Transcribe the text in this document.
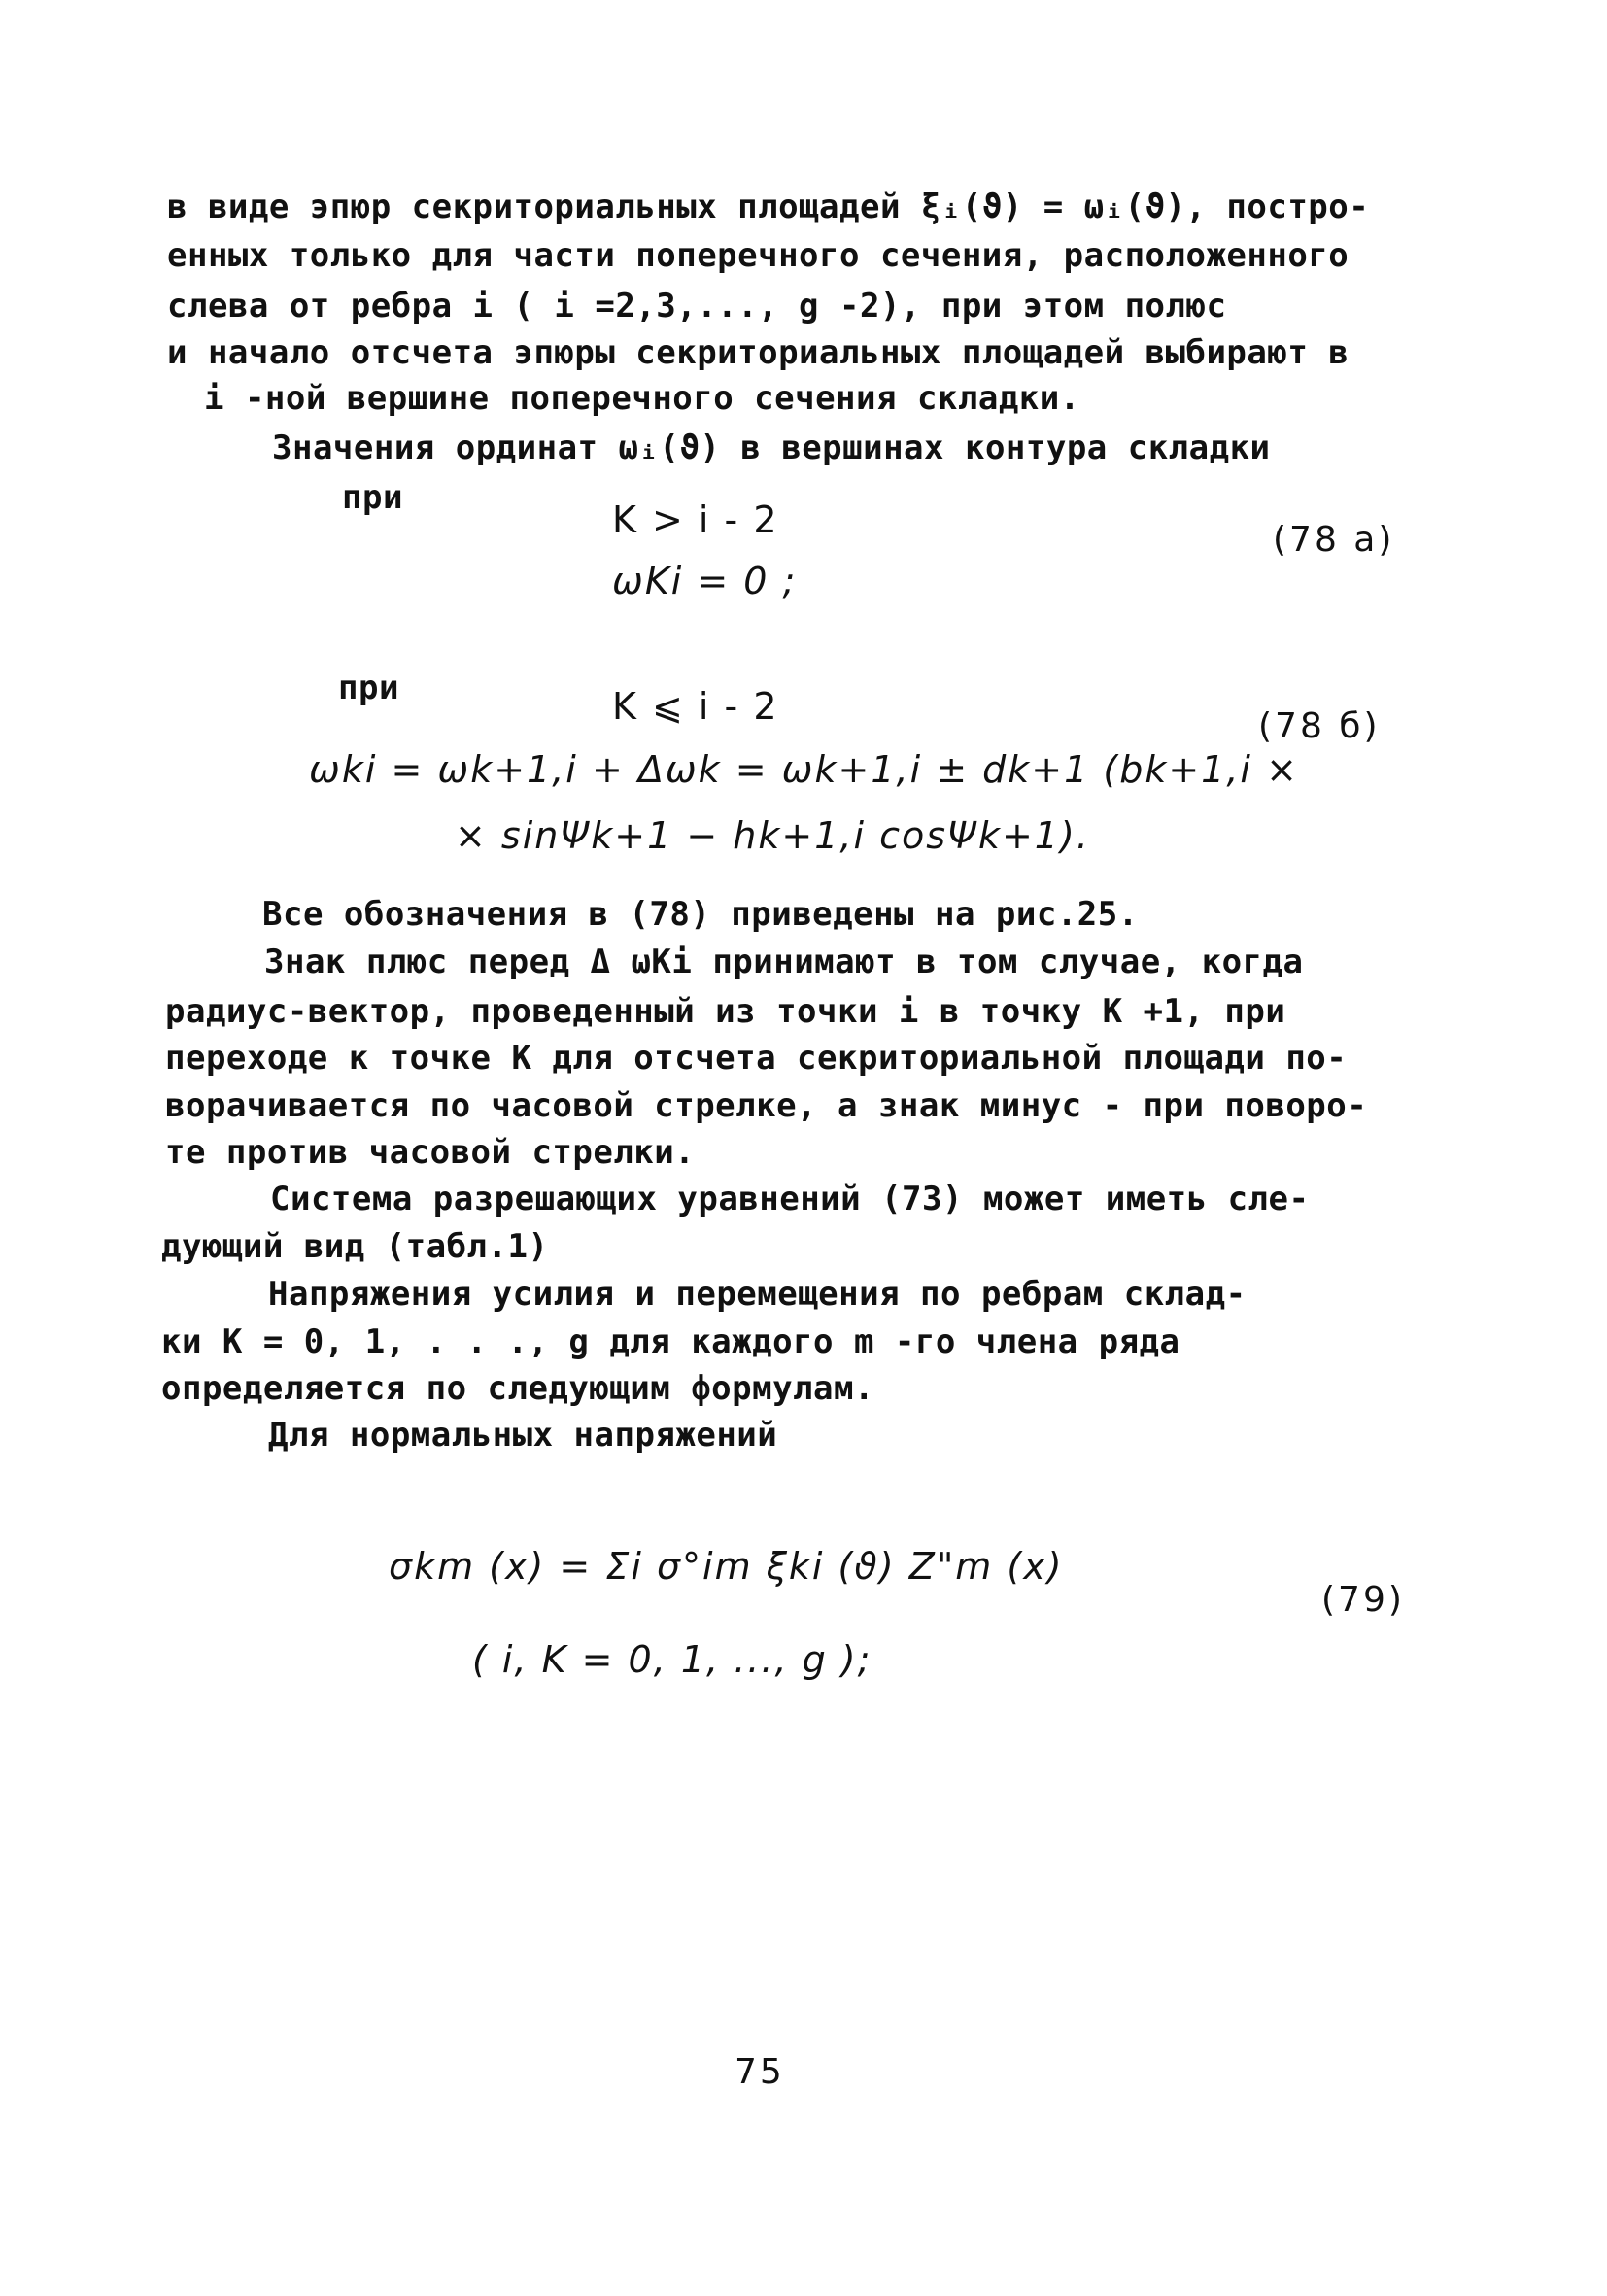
в виде эпюр секриториальных площадей ξᵢ(ϑ) = ωᵢ(ϑ), постро-
енных только для части поперечного сечения, расположенного
слева от ребра i ( i =2,3,..., g -2), при этом полюс
и начало отсчета эпюры секриториальных площадей выбирают в
i -ной вершине поперечного сечения складки.
Значения ординат ωᵢ(ϑ) в вершинах контура складки
при
K > i - 2	(78 а)
ωKi = 0 ;
при	K ⩽ i - 2	(78 б)
ωki = ωk+1,i + Δωk = ωk+1,i ± dk+1 (bk+1,i ×
× sinΨk+1 − hk+1,i cosΨk+1).
Все обозначения в (78) приведены на рис.25.
Знак плюс перед Δ ωKi принимают в том случае, когда
радиус-вектор, проведенный из точки i в точку K +1, при
переходе к точке K для отсчета секриториальной площади по-
ворачивается по часовой стрелке, а знак минус - при поворо-
те против часовой стрелки.
Система разрешающих уравнений (73) может иметь сле-
дующий вид (табл.1)
Напряжения усилия и перемещения по ребрам склад-
ки K = 0, 1, . . ., g для каждого m -го члена ряда
определяется по следующим формулам.
Для нормальных напряжений
σkm (x) = Σi σ°im ξki (ϑ) Z"m (x)
(79)
( i, K = 0, 1, ..., g );
75
